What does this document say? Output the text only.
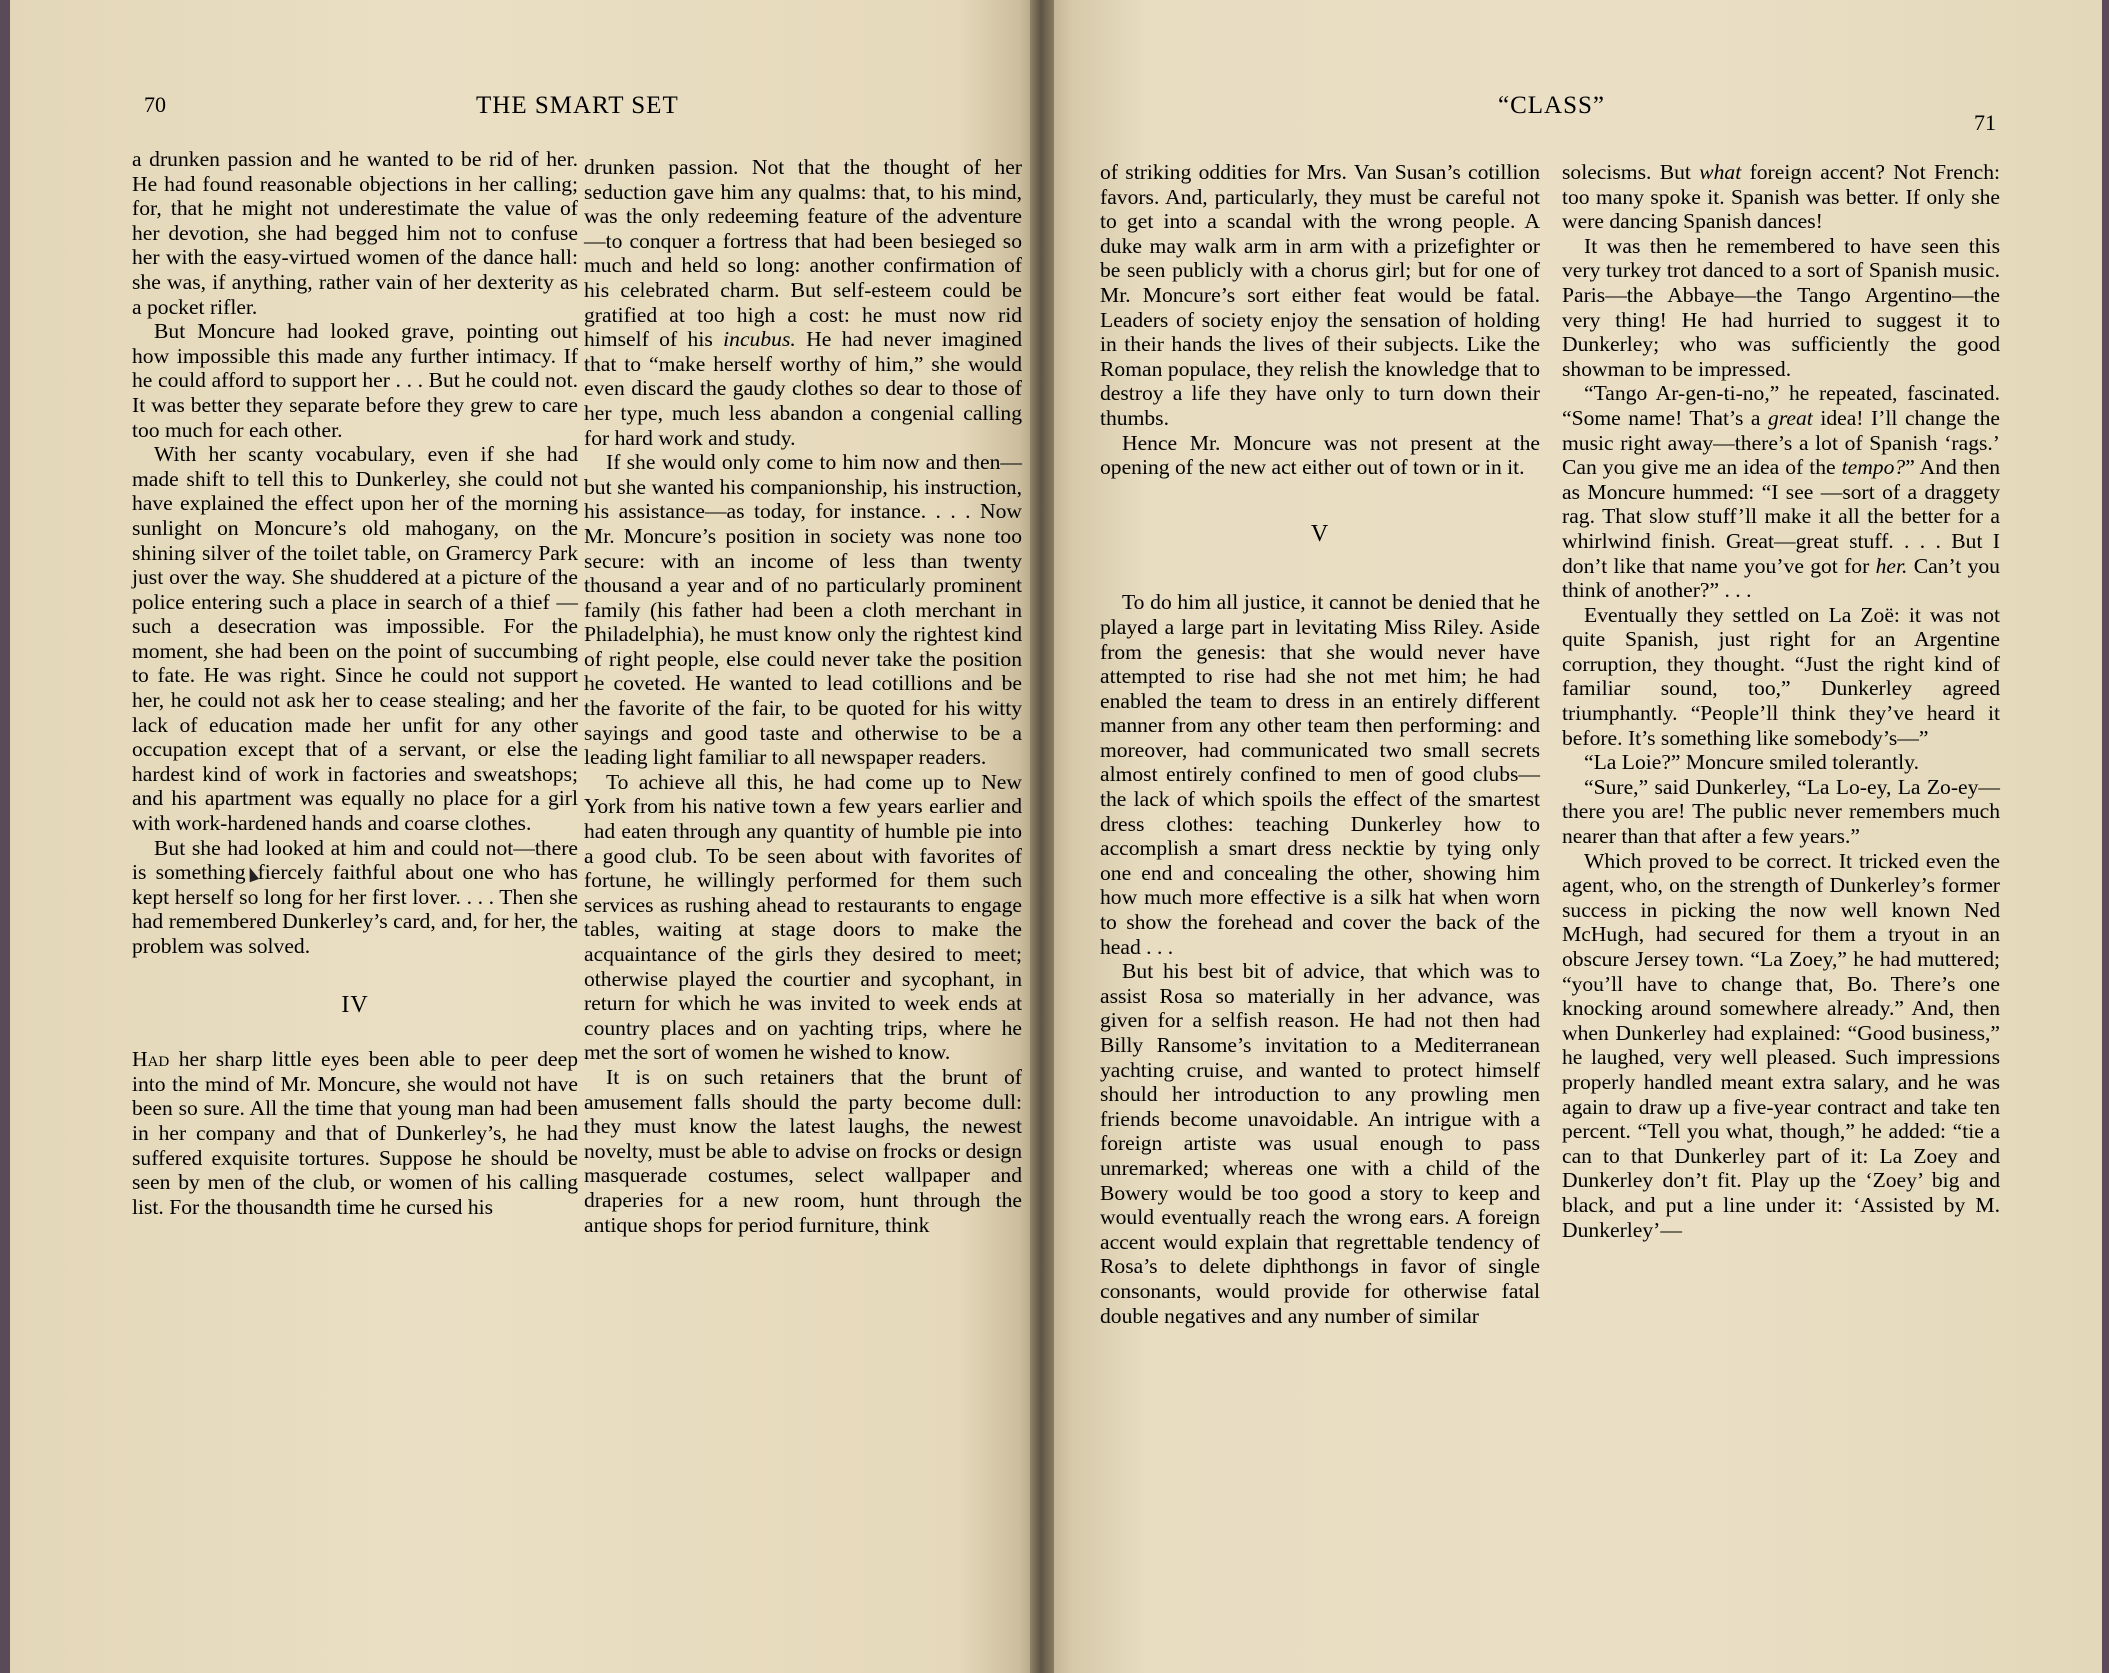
70	THE SMART SET	“CLASS”
71

a drunken passion and he wanted to be rid of her. He had found reasonable objections in her calling; for, that he might not underestimate the value of her devotion, she had begged him not to confuse her with the easy-virtued women of the dance hall: she was, if anything, rather vain of her dexterity as a pocket rifler.

But Moncure had looked grave, pointing out how impossible this made any further intimacy. If he could afford to support her . . . But he could not. It was better they separate before they grew to care too much for each other.

With her scanty vocabulary, even if she had made shift to tell this to Dunkerley, she could not have explained the effect upon her of the morning sunlight on Moncure’s old mahogany, on the shining silver of the toilet table, on Gramercy Park just over the way. She shuddered at a picture of the police entering such a place in search of a thief —such a desecration was impossible. For the moment, she had been on the point of succumbing to fate. He was right. Since he could not support her, he could not ask her to cease stealing; and her lack of education made her unfit for any other occupation except that of a servant, or else the hardest kind of work in factories and sweatshops; and his apartment was equally no place for a girl with work-hardened hands and coarse clothes.

But she had looked at him and could not—there is something fiercely faithful about one who has kept herself so long for her first lover. . . . Then she had remembered Dunkerley’s card, and, for her, the problem was solved.

IV

Had her sharp little eyes been able to peer deep into the mind of Mr. Moncure, she would not have been so sure. All the time that young man had been in her company and that of Dunkerley’s, he had suffered exquisite tortures. Suppose he should be seen by men of the club, or women of his calling list. For the thousandth time he cursed his

drunken passion. Not that the thought of her seduction gave him any qualms: that, to his mind, was the only redeeming feature of the adventure—to conquer a fortress that had been besieged so much and held so long: another confirmation of his celebrated charm. But self-esteem could be gratified at too high a cost: he must now rid himself of his incubus. He had never imagined that to “make herself worthy of him,” she would even discard the gaudy clothes so dear to those of her type, much less abandon a congenial calling for hard work and study.

If she would only come to him now and then—but she wanted his companionship, his instruction, his assistance—as today, for instance. . . . Now Mr. Moncure’s position in society was none too secure: with an income of less than twenty thousand a year and of no particularly prominent family (his father had been a cloth merchant in Philadelphia), he must know only the rightest kind of right people, else could never take the position he coveted. He wanted to lead cotillions and be the favorite of the fair, to be quoted for his witty sayings and good taste and otherwise to be a leading light familiar to all newspaper readers.

To achieve all this, he had come up to New York from his native town a few years earlier and had eaten through any quantity of humble pie into a good club. To be seen about with favorites of fortune, he willingly performed for them such services as rushing ahead to restaurants to engage tables, waiting at stage doors to make the acquaintance of the girls they desired to meet; otherwise played the courtier and sycophant, in return for which he was invited to week ends at country places and on yachting trips, where he met the sort of women he wished to know.

It is on such retainers that the brunt of amusement falls should the party become dull: they must know the latest laughs, the newest novelty, must be able to advise on frocks or design masquerade costumes, select wallpaper and draperies for a new room, hunt through the antique shops for period furniture, think

of striking oddities for Mrs. Van Susan’s cotillion favors. And, particularly, they must be careful not to get into a scandal with the wrong people. A duke may walk arm in arm with a prizefighter or be seen publicly with a chorus girl; but for one of Mr. Moncure’s sort either feat would be fatal. Leaders of society enjoy the sensation of holding in their hands the lives of their subjects. Like the Roman populace, they relish the knowledge that to destroy a life they have only to turn down their thumbs.

Hence Mr. Moncure was not present at the opening of the new act either out of town or in it.

V

To do him all justice, it cannot be denied that he played a large part in levitating Miss Riley. Aside from the genesis: that she would never have attempted to rise had she not met him; he had enabled the team to dress in an entirely different manner from any other team then performing: and moreover, had communicated two small secrets almost entirely confined to men of good clubs—the lack of which spoils the effect of the smartest dress clothes: teaching Dunkerley how to accomplish a smart dress necktie by tying only one end and concealing the other, showing him how much more effective is a silk hat when worn to show the forehead and cover the back of the head . . .

But his best bit of advice, that which was to assist Rosa so materially in her advance, was given for a selfish reason. He had not then had Billy Ransome’s invitation to a Mediterranean yachting cruise, and wanted to protect himself should her introduction to any prowling men friends become unavoidable. An intrigue with a foreign artiste was usual enough to pass unremarked; whereas one with a child of the Bowery would be too good a story to keep and would eventually reach the wrong ears. A foreign accent would explain that regrettable tendency of Rosa’s to delete diphthongs in favor of single consonants, would provide for otherwise fatal double negatives and any number of similar

solecisms. But what foreign accent? Not French: too many spoke it. Spanish was better. If only she were dancing Spanish dances!

It was then he remembered to have seen this very turkey trot danced to a sort of Spanish music. Paris—the Abbaye—the Tango Argentino—the very thing! He had hurried to suggest it to Dunkerley; who was sufficiently the good showman to be impressed.

“Tango Ar-gen-ti-no,” he repeated, fascinated. “Some name! That’s a great idea! I’ll change the music right away—there’s a lot of Spanish ‘rags.’ Can you give me an idea of the tempo?” And then as Moncure hummed: “I see —sort of a draggety rag. That slow stuff’ll make it all the better for a whirlwind finish. Great—great stuff. . . . But I don’t like that name you’ve got for her. Can’t you think of another?” . . .

Eventually they settled on La Zoë: it was not quite Spanish, just right for an Argentine corruption, they thought. “Just the right kind of familiar sound, too,” Dunkerley agreed triumphantly. “People’ll think they’ve heard it before. It’s something like somebody’s—”

“La Loie?” Moncure smiled tolerantly.

“Sure,” said Dunkerley, “La Lo-ey, La Zo-ey—there you are! The public never remembers much nearer than that after a few years.”

Which proved to be correct. It tricked even the agent, who, on the strength of Dunkerley’s former success in picking the now well known Ned McHugh, had secured for them a tryout in an obscure Jersey town. “La Zoey,” he had muttered; “you’ll have to change that, Bo. There’s one knocking around somewhere already.” And, then when Dunkerley had explained: “Good business,” he laughed, very well pleased. Such impressions properly handled meant extra salary, and he was again to draw up a five-year contract and take ten percent. “Tell you what, though,” he added: “tie a can to that Dunkerley part of it: La Zoey and Dunkerley don’t fit. Play up the ‘Zoey’ big and black, and put a line under it: ‘Assisted by M. Dunkerley’—
